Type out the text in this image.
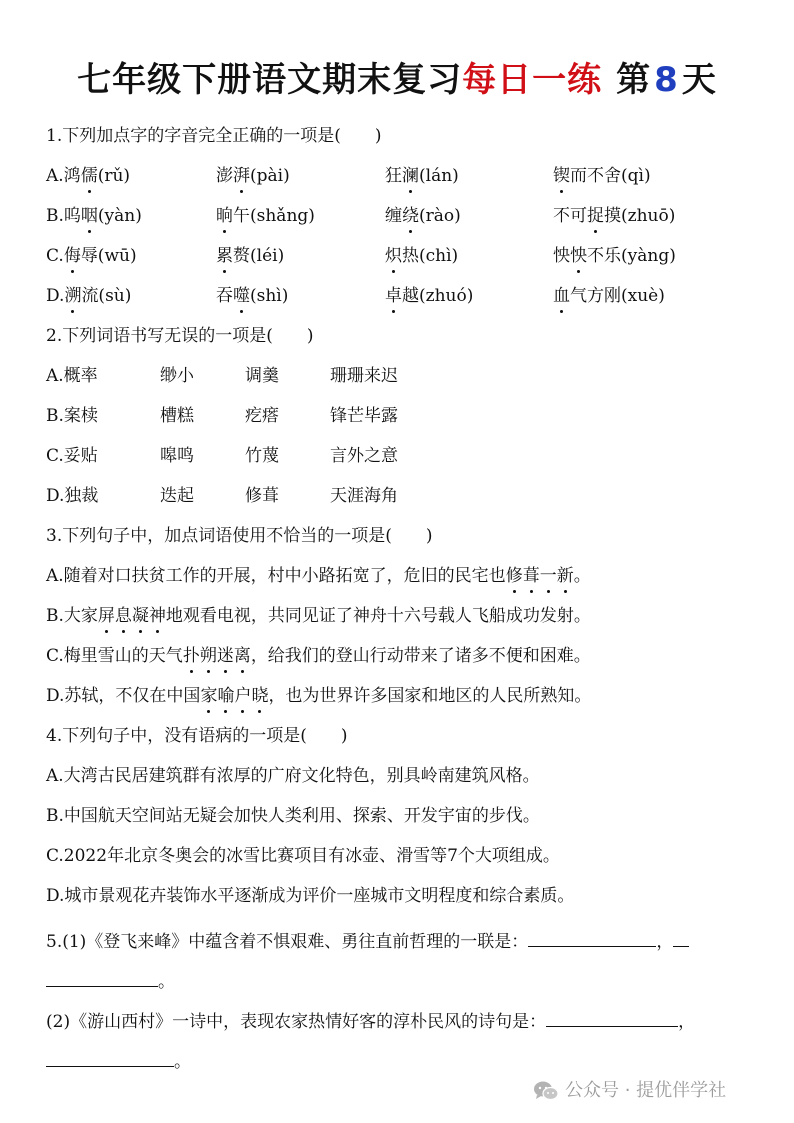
七年级下册语文期末复习每日一练 第8天
1.下列加点字的字音完全正确的一项是(　　)
A.鸿儒(rǔ)	澎湃(pài)	狂澜(lán)	锲而不舍(qì)
B.呜咽(yàn)	晌午(shǎng)	缠绕(rào)	不可捉摸(zhuō)
C.侮辱(wū)	累赘(léi)	炽热(chì)	怏怏不乐(yàng)
D.溯流(sù)	吞噬(shì)	卓越(zhuó)	血气方刚(xuè)
2.下列词语书写无误的一项是(　　)
A.概率	缈小	调羹	珊珊来迟
B.案椟	槽糕	疙瘩	锋芒毕露
C.妥贴	嗥鸣	竹蔑	言外之意
D.独裁	迭起	修葺	天涯海角
3.下列句子中，加点词语使用不恰当的一项是(　　)
A.随着对口扶贫工作的开展，村中小路拓宽了，危旧的民宅也修葺一新。
B.大家屏息凝神地观看电视，共同见证了神舟十六号载人飞船成功发射。
C.梅里雪山的天气扑朔迷离，给我们的登山行动带来了诸多不便和困难。
D.苏轼，不仅在中国家喻户晓，也为世界许多国家和地区的人民所熟知。
4.下列句子中，没有语病的一项是(　　)
A.大湾古民居建筑群有浓厚的广府文化特色，别具岭南建筑风格。
B.中国航天空间站无疑会加快人类利用、探索、开发宇宙的步伐。
C.2022年北京冬奥会的冰雪比赛项目有冰壶、滑雪等7个大项组成。
D.城市景观花卉装饰水平逐渐成为评价一座城市文明程度和综合素质。
5.(1)《登飞来峰》中蕴含着不惧艰难、勇往直前哲理的一联是：	，
。
(2)《游山西村》一诗中，表现农家热情好客的淳朴民风的诗句是：	，
。
公众号 · 提优伴学社
